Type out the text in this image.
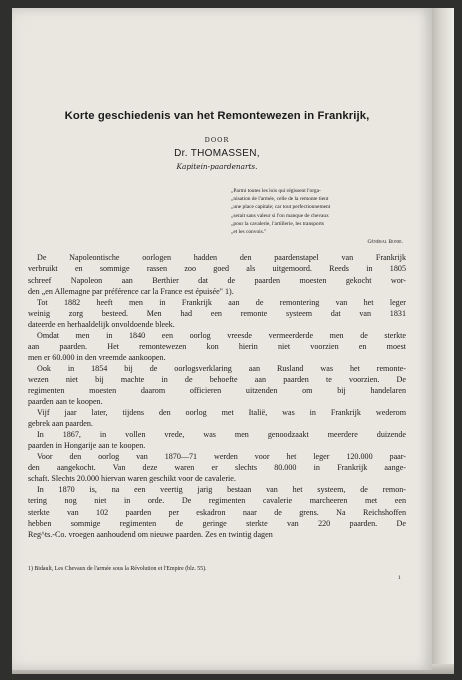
Korte geschiedenis van het Remontewezen in Frankrijk,
DOOR
Dr. THOMASSEN,
Kapitein-paardenarts.
„Parmi toutes les lois qui régissent l'orga-
„nisation de l'armée, celle de la remonte tient
„une place capitale; car tout perfectionnement
„serait sans valeur si l'on manque de chevaux
„pour la cavalerie, l'artillerie, les transports
„et les convois."
Général Bonie.
De Napoleontische oorlogen hadden den paardenstapel van Frankrijk
verbruikt en sommige rassen zoo goed als uitgemoord. Reeds in 1805
schreef Napoleon aan Berthier dat de paarden moesten gekocht wor-
den „en Allemagne par préférence car la France est épuisée" 1).
Tot 1882 heeft men in Frankrijk aan de remontering van het leger
weinig zorg besteed. Men had een remonte systeem dat van 1831
dateerde en herhaaldelijk onvoldoende bleek.
Omdat men in 1840 een oorlog vreesde vermeerderde men de sterkte
aan paarden. Het remontewezen kon hierin niet voorzien en moest
men er 60.000 in den vreemde aankoopen.
Ook in 1854 bij de oorlogsverklaring aan Rusland was het remonte-
wezen niet bij machte in de behoefte aan paarden te voorzien. De
regimenten moesten daarom officieren uitzenden om bij handelaren
paarden aan te koopen.
Vijf jaar later, tijdens den oorlog met Italië, was in Frankrijk wederom
gebrek aan paarden.
In 1867, in vollen vrede, was men genoodzaakt meerdere duizende
paarden in Hongarije aan te koopen.
Voor den oorlog van 1870—71 werden voor het leger 120.000 paar-
den aangekocht. Van deze waren er slechts 80.000 in Frankrijk aange-
schaft. Slechts 20.000 hiervan waren geschikt voor de cavalerie.
In 1870 is, na een veertig jarig bestaan van het systeem, de remon-
tering nog niet in orde. De regimenten cavalerie marcheeren met een
sterkte van 102 paarden per eskadron naar de grens. Na Reichshoffen
hebben sommige regimenten de geringe sterkte van 220 paarden. De
Reg^ts.-Co. vroegen aanhoudend om nieuwe paarden. Zes en twintig dagen
1) Bidault, Les Chevaux de l'armée sous la Révolution et l'Empire (blz. 55).
1
